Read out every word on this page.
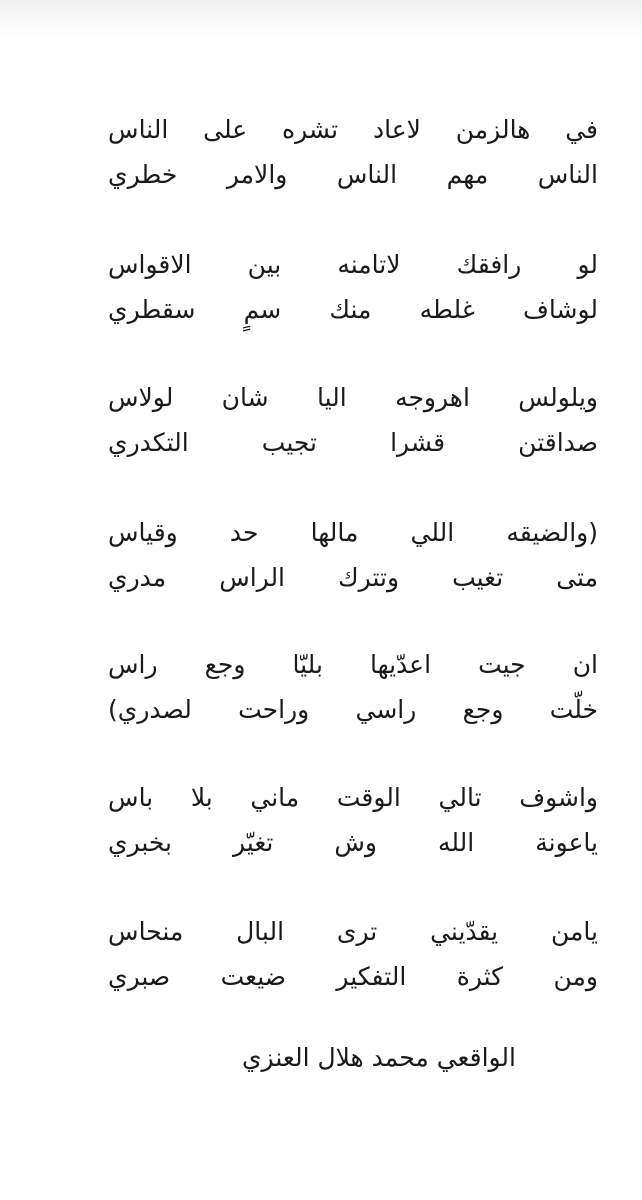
الواقعي محمد هلال العنزي
في
هالزمن
لاعاد
تشره
على
الناس
الناس
مهم
الناس
والامر
خطري
لو
رافقك
لاتامنه
بين
الاقواس
لوشاف
غلطه
منك
سمٍ
سقطري
ويلولس
اهروجه
اليا
شان
لولاس
صداقتن
قشرا
تجيب
التكدري
(والضيقه
اللي
مالها
حد
وقياس
متى
تغيب
وتترك
الراس
مدري
ان
جيت
اعدّيها
بليّا
وجع
راس
خلّت
وجع
راسي
وراحت
لصدري)
واشوف
تالي
الوقت
ماني
بلا
باس
ياعونة
الله
وش
تغيّر
بخبري
يامن
يقدّيني
ترى
البال
منحاس
ومن
كثرة
التفكير
ضيعت
صبري
